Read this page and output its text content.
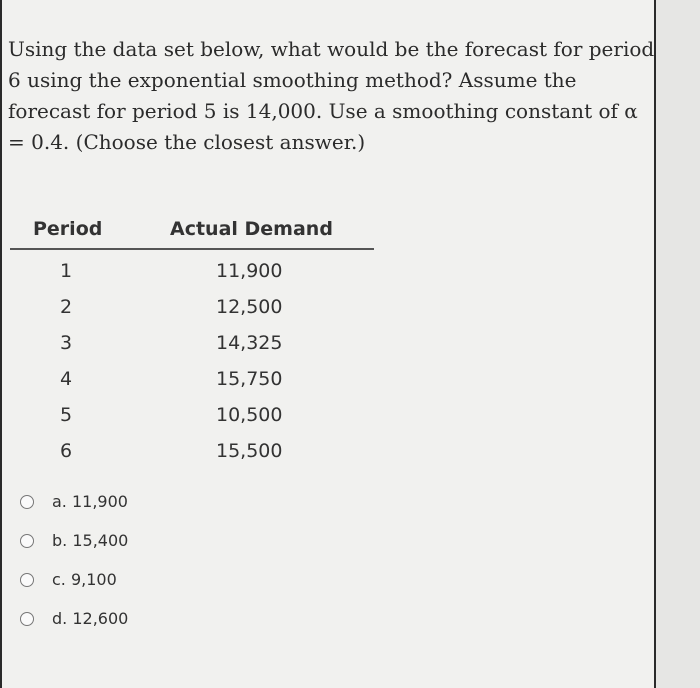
Using the data set below, what would be the forecast for period 6 using the exponential smoothing method? Assume the forecast for period 5 is 14,000. Use a smoothing constant of α = 0.4. (Choose the closest answer.)

Period	Actual Demand
1	11,900
2	12,500
3	14,325
4	15,750
5	10,500
6	15,500
a. 11,900
b. 15,400
c. 9,100
d. 12,600
